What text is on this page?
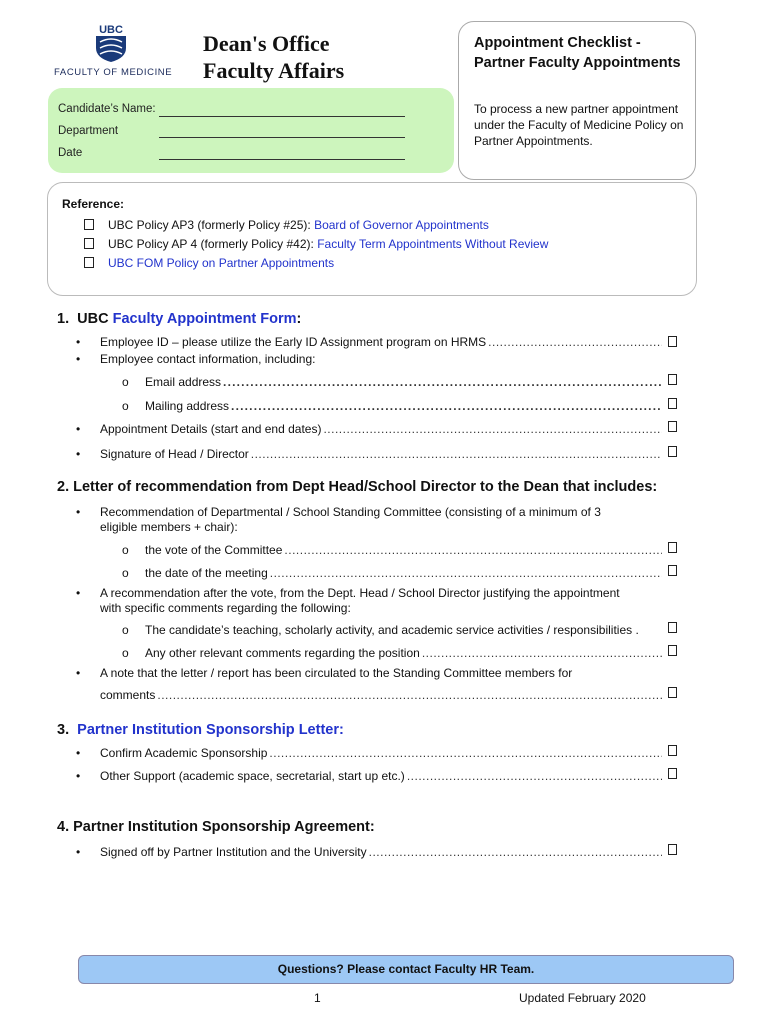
UBC
FACULTY OF MEDICINE
Dean's Office
Faculty Affairs
Candidate’s Name:
Department
Date
Appointment Checklist - Partner Faculty Appointments
To process a new partner appointment under the Faculty of Medicine Policy on Partner Appointments.
Reference:
UBC Policy AP3 (formerly Policy #25): Board of Governor Appointments
UBC Policy AP 4 (formerly Policy #42): Faculty Term Appointments Without Review
UBC FOM Policy on Partner Appointments
1. UBC Faculty Appointment Form:
• Employee ID – please utilize the Early ID Assignment program on HRMS
.....
• Employee contact information, including:
o Email address
.....
o Mailing address
.....
• Appointment Details (start and end dates)
.....
• Signature of Head / Director
.....
2. Letter of recommendation from Dept Head/School Director to the Dean that includes:
• Recommendation of Departmental / School Standing Committee (consisting of a minimum of 3
eligible members + chair):
o the vote of the Committee
.....
o the date of the meeting
.....
• A recommendation after the vote, from the Dept. Head / School Director justifying the appointment
with specific comments regarding the following:
o The candidate’s teaching, scholarly activity, and academic service activities / responsibilities .
o Any other relevant comments regarding the position
.....
• A note that the letter / report has been circulated to the Standing Committee members for
comments
.....
3. Partner Institution Sponsorship Letter:
• Confirm Academic Sponsorship
.....
• Other Support (academic space, secretarial, start up etc.)
.....
4. Partner Institution Sponsorship Agreement:
• Signed off by Partner Institution and the University
.....
Questions? Please contact Faculty HR Team.
1	Updated February 2020
